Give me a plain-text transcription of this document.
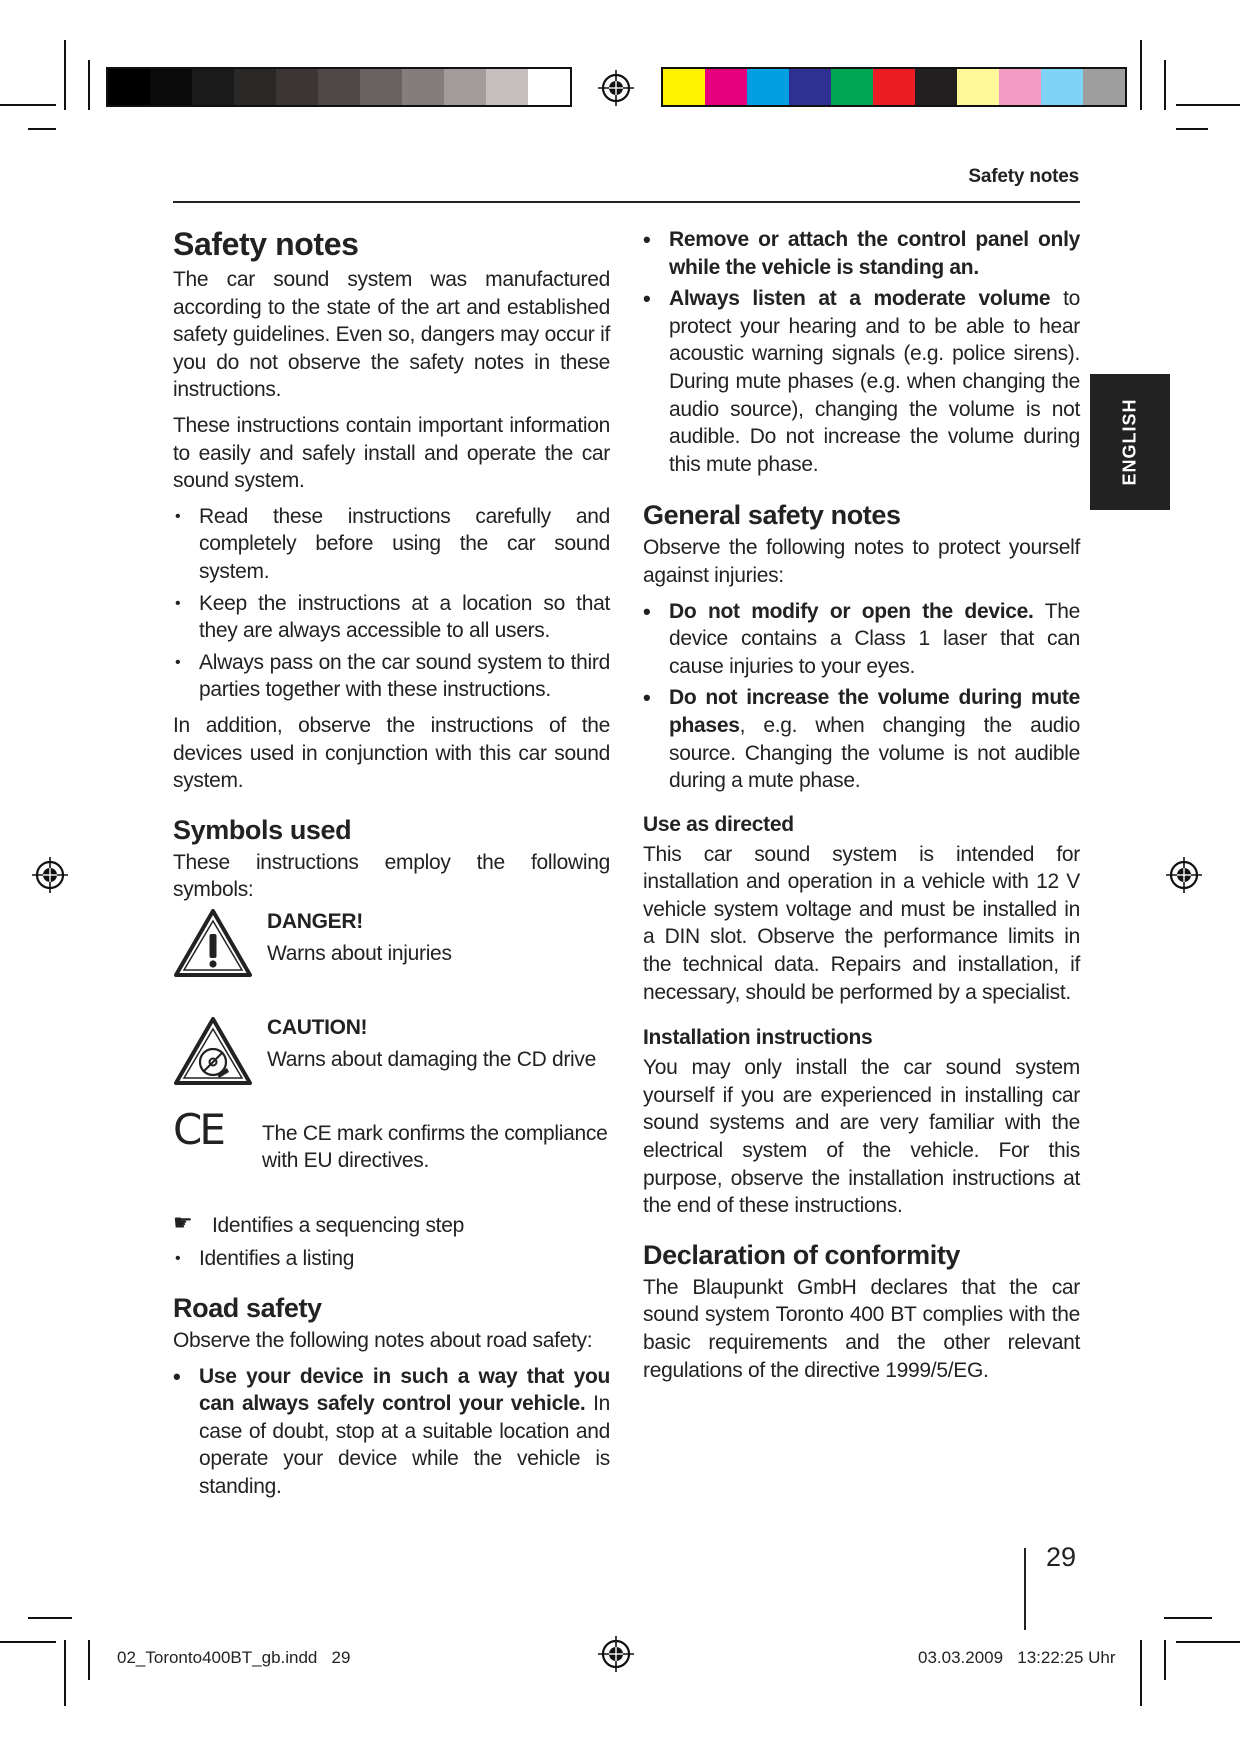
Safety notes
ENGLISH
Safety notes

The car sound system was manufactured according to the state of the art and established safety guidelines. Even so, dangers may occur if you do not observe the safety notes in these instructions.

These instructions contain important information to easily and safely install and operate the car sound system.

• Read these instructions carefully and completely before using the car sound system.
• Keep the instructions at a location so that they are always accessible to all users.
• Always pass on the car sound system to third parties together with these instructions.

In addition, observe the instructions of the devices used in conjunction with this car sound system.

Symbols used

These instructions employ the following symbols:

DANGER!
Warns about injuries
CAUTION!
Warns about damaging the CD drive
CE The CE mark confirms the compliance with EU directives.
☛ Identifies a sequencing step
• Identifies a listing
Road safety

Observe the following notes about road safety:

• Use your device in such a way that you can always safely control your vehicle. In case of doubt, stop at a suitable location and operate your device while the vehicle is standing.
• Remove or attach the control panel only while the vehicle is standing an.
• Always listen at a moderate volume to protect your hearing and to be able to hear acoustic warning signals (e.g. police sirens). During mute phases (e.g. when changing the audio source), changing the volume is not audible. Do not increase the volume during this mute phase.
General safety notes

Observe the following notes to protect yourself against injuries:

• Do not modify or open the device. The device contains a Class 1 laser that can cause injuries to your eyes.
• Do not increase the volume during mute phases, e.g. when changing the audio source. Changing the volume is not audible during a mute phase.
Use as directed

This car sound system is intended for installation and operation in a vehicle with 12 V vehicle system voltage and must be installed in a DIN slot. Observe the performance limits in the technical data. Repairs and installation, if necessary, should be performed by a specialist.

Installation instructions

You may only install the car sound system yourself if you are experienced in installing car sound systems and are very familiar with the electrical system of the vehicle. For this purpose, observe the installation instructions at the end of these instructions.

Declaration of conformity

The Blaupunkt GmbH declares that the car sound system Toronto 400 BT complies with the basic requirements and the other relevant regulations of the directive 1999/5/EG.

29
02_Toronto400BT_gb.indd   29	03.03.2009   13:22:25 Uhr
